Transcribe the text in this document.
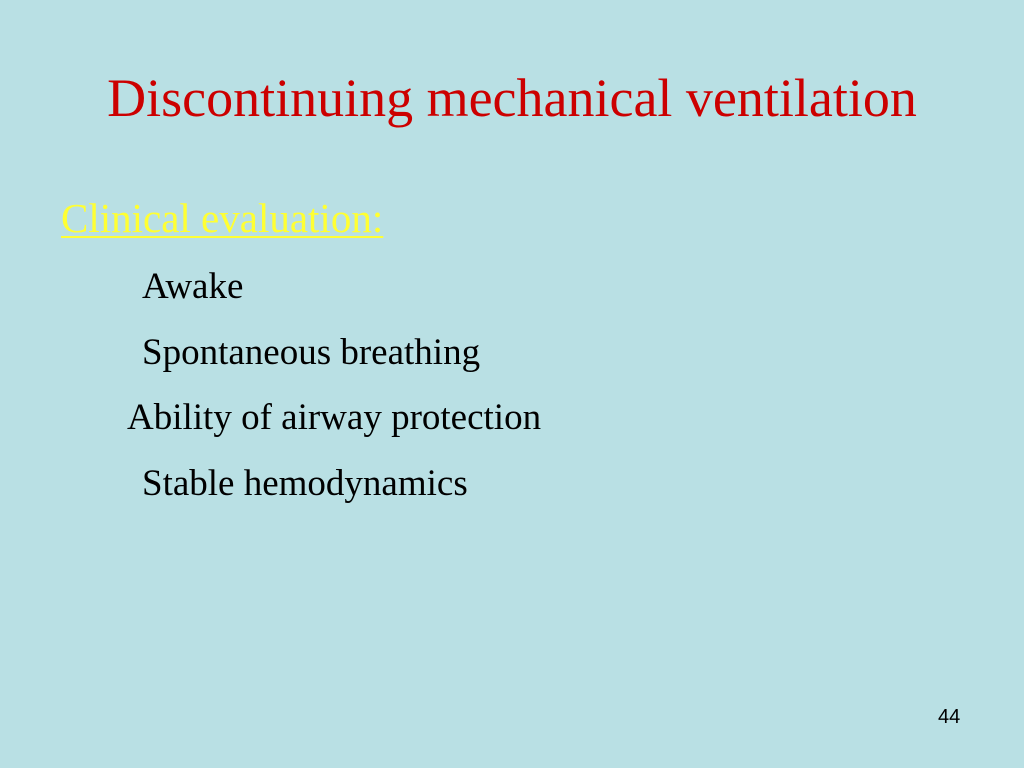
Discontinuing mechanical ventilation
Clinical evaluation:
Awake
Spontaneous breathing
Ability of airway protection
Stable hemodynamics
44
